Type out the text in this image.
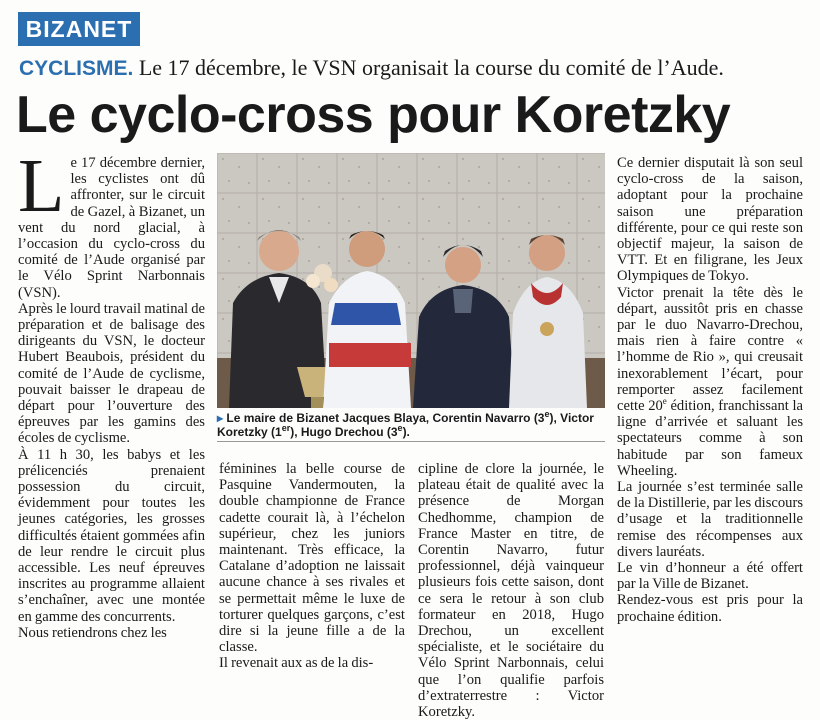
BIZANET
CYCLISME. Le 17 décembre, le VSN organisait la course du comité de l’Aude.
Le cyclo-cross pour Koretzky

Le 17 décembre dernier, les cyclistes ont dû affronter, sur le circuit de Gazel, à Bizanet, un vent du nord glacial, à l’occasion du cyclo-cross du comité de l’Aude organisé par le Vélo Sprint Narbonnais (VSN).

Après le lourd travail matinal de préparation et de balisage des dirigeants du VSN, le docteur Hubert Beaubois, président du comité de l’Aude de cyclisme, pouvait baisser le drapeau de départ pour l’ouverture des épreuves par les gamins des écoles de cyclisme.

À 11 h 30, les babys et les prélicenciés prenaient possession du circuit, évidemment pour toutes les jeunes catégories, les grosses difficultés étaient gommées afin de leur rendre le circuit plus accessible. Les neuf épreuves inscrites au programme allaient s’enchaîner, avec une montée en gamme des concurrents.

Nous retiendrons chez les

▸ Le maire de Bizanet Jacques Blaya, Corentin Navarro (3e), Victor Koretzky (1er), Hugo Drechou (3e).

féminines la belle course de Pasquine Vandermouten, la double championne de France cadette courait là, à l’échelon supérieur, chez les juniors maintenant. Très efficace, la Catalane d’adoption ne laissait aucune chance à ses rivales et se permettait même le luxe de torturer quelques garçons, c’est dire si la jeune fille a de la classe.

Il revenait aux as de la dis-

cipline de clore la journée, le plateau était de qualité avec la présence de Morgan Chedhomme, champion de France Master en titre, de Corentin Navarro, futur professionnel, déjà vainqueur plusieurs fois cette saison, dont ce sera le retour à son club formateur en 2018, Hugo Drechou, un excellent spécialiste, et le sociétaire du Vélo Sprint Narbonnais, celui que l’on qualifie parfois d’extraterrestre : Victor Koretzky.

Ce dernier disputait là son seul cyclo-cross de la saison, adoptant pour la prochaine saison une préparation différente, pour ce qui reste son objectif majeur, la saison de VTT. Et en filigrane, les Jeux Olympiques de Tokyo.

Victor prenait la tête dès le départ, aussitôt pris en chasse par le duo Navarro-Drechou, mais rien à faire contre « l’homme de Rio », qui creusait inexorablement l’écart, pour remporter assez facilement cette 20e édition, franchissant la ligne d’arrivée et saluant les spectateurs comme à son habitude par son fameux Wheeling.

La journée s’est terminée salle de la Distillerie, par les discours d’usage et la traditionnelle remise des récompenses aux divers lauréats.

Le vin d’honneur a été offert par la Ville de Bizanet.

Rendez-vous est pris pour la prochaine édition.
